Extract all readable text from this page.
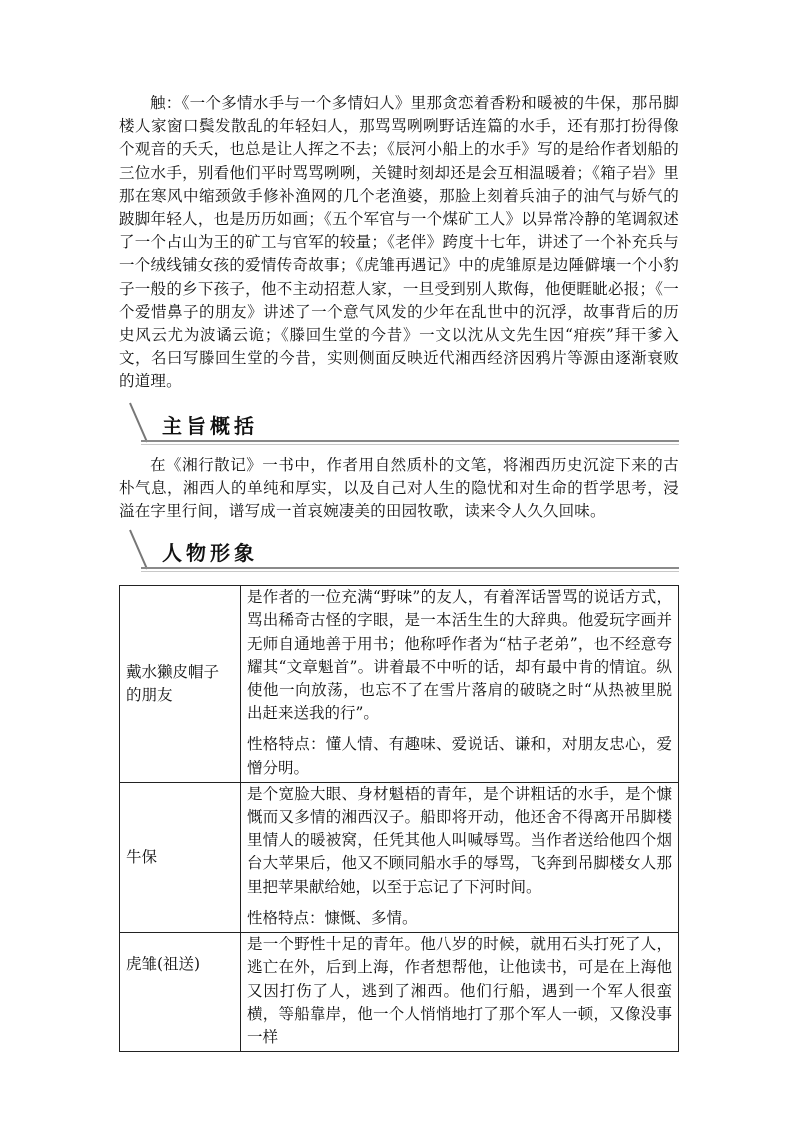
触：《一个多情水手与一个多情妇人》里那贪恋着香粉和暖被的牛保，那吊脚楼人家窗口鬓发散乱的年轻妇人，那骂骂咧咧野话连篇的水手，还有那打扮得像个观音的夭夭，也总是让人挥之不去；《辰河小船上的水手》写的是给作者划船的三位水手，别看他们平时骂骂咧咧，关键时刻却还是会互相温暖着；《箱子岩》里那在寒风中缩颈敛手修补渔网的几个老渔婆，那脸上刻着兵油子的油气与娇气的跛脚年轻人，也是历历如画；《五个军官与一个煤矿工人》以异常冷静的笔调叙述了一个占山为王的矿工与官军的较量；《老伴》跨度十七年，讲述了一个补充兵与一个绒线铺女孩的爱情传奇故事；《虎雏再遇记》中的虎雏原是边陲僻壤一个小豹子一般的乡下孩子，他不主动招惹人家，一旦受到别人欺侮，他便睚眦必报；《一个爱惜鼻子的朋友》讲述了一个意气风发的少年在乱世中的沉浮，故事背后的历史风云尤为波谲云诡；《滕回生堂的今昔》一文以沈从文先生因“疳疾”拜干爹入文，名曰写滕回生堂的今昔，实则侧面反映近代湘西经济因鸦片等源由逐渐衰败的道理。

主旨概括

在《湘行散记》一书中，作者用自然质朴的文笔，将湘西历史沉淀下来的古朴气息，湘西人的单纯和厚实，以及自己对人生的隐忧和对生命的哲学思考，浸溢在字里行间，谱写成一首哀婉凄美的田园牧歌，读来令人久久回味。

人物形象
戴水獭皮帽子的朋友	是作者的一位充满“野味”的友人，有着浑话詈骂的说话方式，骂出稀奇古怪的字眼，是一本活生生的大辞典。他爱玩字画并无师自通地善于用书；他称呼作者为“枯子老弟”，也不经意夸耀其“文章魁首”。讲着最不中听的话，却有最中肯的情谊。纵使他一向放荡，也忘不了在雪片落肩的破晓之时“从热被里脱出赶来送我的行”。

性格特点：懂人情、有趣味、爱说话、谦和，对朋友忠心，爱憎分明。

牛保	是个宽脸大眼、身材魁梧的青年，是个讲粗话的水手，是个慷慨而又多情的湘西汉子。船即将开动，他还舍不得离开吊脚楼里情人的暖被窝，任凭其他人叫喊辱骂。当作者送给他四个烟台大苹果后，他又不顾同船水手的辱骂，飞奔到吊脚楼女人那里把苹果献给她，以至于忘记了下河时间。

性格特点：慷慨、多情。

虎雏(祖送)	是一个野性十足的青年。他八岁的时候，就用石头打死了人，逃亡在外，后到上海，作者想帮他，让他读书，可是在上海他又因打伤了人，逃到了湘西。他们行船，遇到一个军人很蛮横，等船靠岸，他一个人悄悄地打了那个军人一顿，又像没事一样
